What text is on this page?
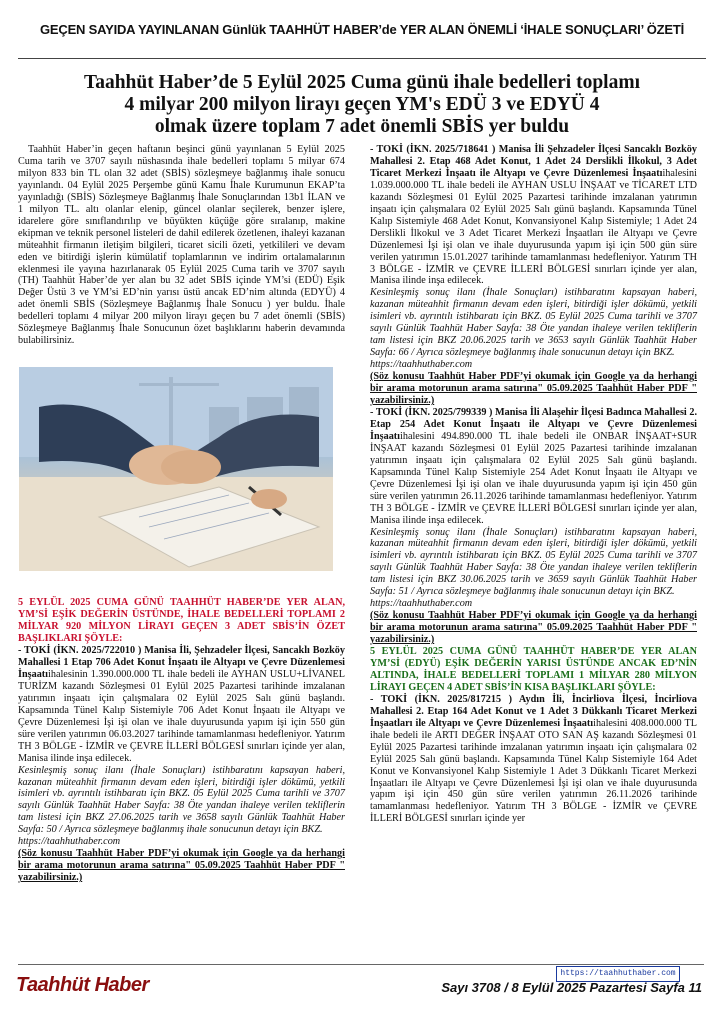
GEÇEN SAYIDA YAYINLANAN Günlük TAAHHÜT HABER’de YER ALAN ÖNEMLİ ‘İHALE SONUÇLARI’ ÖZETİ
Taahhüt Haber’de 5 Eylül 2025 Cuma günü ihale bedelleri toplamı
4 milyar 200 milyon lirayı geçen YM's EDÜ 3 ve EDYÜ 4
olmak üzere toplam 7 adet önemli SBİS yer buldu

Taahhüt Haber’in geçen haftanın beşinci günü yayınlanan 5 Eylül 2025 Cuma tarih ve 3707 sayılı nüshasında ihale bedelleri toplamı 5 milyar 674 milyon 833 bin TL olan 32 adet (SBİS) sözleşmeye bağlanmış ihale sonucu yayınlandı. 04 Eylül 2025 Perşembe günü Kamu İhale Kurumunun EKAP’ta yayınladığı (SBİS) Sözleşmeye Bağlanmış İhale Sonuçlarından 13b1 İLAN ve 1 milyon TL. altı olanlar elenip, güncel olanlar seçilerek, benzer işlere, idarelere göre sınıflandırılıp ve büyükten küçüğe göre sıralanıp, makine ekipman ve teknik personel listeleri de dahil edilerek özetlenen, ihaleyi kazanan müteahhit firmanın iletişim bilgileri, ticaret sicili özeti, yetkilileri ve devam eden ve bitirdiği işlerin kümülatif toplamlarının ve indirim ortalamalarının eklenmesi ile yayına hazırlanarak 05 Eylül 2025 Cuma tarih ve 3707 sayılı (TH) Taahhüt Haber’de yer alan bu 32 adet SBİS içinde YM’si (EDÜ) Eşik Değer Üstü 3 ve YM’si ED’nin yarısı üstü ancak ED’nim altında (EDYÜ) 4 adet önemli SBİS (Sözleşmeye Bağlanmış İhale Sonucu ) yer buldu. İhale bedelleri toplamı 4 milyar 200 milyon lirayı geçen bu 7 adet önemli (SBİS) Sözleşmeye Bağlanmış İhale Sonucunun özet başlıklarını haberin devamında bulabilirsiniz.

5 EYLÜL 2025 CUMA GÜNÜ TAAHHÜT HABER’DE YER ALAN, YM’Sİ EŞİK DEĞERİN ÜSTÜNDE, İHALE BEDELLERİ TOPLAMI 2 MİLYAR 920 MİLYON LİRAYI GEÇEN 3 ADET SBİS’İN ÖZET BAŞLIKLARI ŞÖYLE:

- TOKİ (İKN. 2025/722010 ) Manisa İli, Şehzadeler İlçesi, Sancaklı Bozköy Mahallesi 1 Etap 706 Adet Konut İnşaatı ile Altyapı ve Çevre Düzenlemesi İnşaatıihalesinin 1.390.000.000 TL ihale bedeli ile AYHAN USLU+LİVANEL TURİZM kazandı Sözleşmesi 01 Eylül 2025 Pazartesi tarihinde imzalanan yatırımın inşaatı için çalışmalara 02 Eylül 2025 Salı günü başlandı. Kapsamında Tünel Kalıp Sistemiyle 706 Adet Konut İnşaatı ile Altyapı ve Çevre Düzenlemesi İşi işi olan ve ihale duyurusunda yapım işi için 550 gün süre verilen yatırımın 06.03.2027 tarihinde tamamlanması hedefleniyor. Yatırım TH 3 BÖLGE - İZMİR ve ÇEVRE İLLERİ BÖLGESİ sınırları içinde yer alan, Manisa ilinde inşa edilecek.

Kesinleşmiş sonuç ilanı (İhale Sonuçları) istihbaratını kapsayan haberi, kazanan müteahhit firmanın devam eden işleri, bitirdiği işler dökümü, yetkili isimleri vb. ayrıntılı istihbaratı için BKZ. 05 Eylül 2025 Cuma tarihli ve 3707 sayılı Günlük Taahhüt Haber Sayfa: 38 Öte yandan ihaleye verilen tekliflerin tam listesi için BKZ 27.06.2025 tarih ve 3658 sayılı Günlük Taahhüt Haber Sayfa: 50 / Ayrıca sözleşmeye bağlanmış ihale sonucunun detayı için BKZ.

https://taahhuthaber.com

(Söz konusu Taahhüt Haber PDF’yi okumak için Google ya da herhangi bir arama motorunun arama satırına" 05.09.2025 Taahhüt Haber PDF " yazabilirsiniz.)

- TOKİ (İKN. 2025/718641 ) Manisa İli Şehzadeler İlçesi Sancaklı Bozköy Mahallesi 2. Etap 468 Adet Konut, 1 Adet 24 Derslikli İlkokul, 3 Adet Ticaret Merkezi İnşaatı ile Altyapı ve Çevre Düzenlemesi İnşaatıihalesini 1.039.000.000 TL ihale bedeli ile AYHAN USLU İNŞAAT ve TİCARET LTD kazandı Sözleşmesi 01 Eylül 2025 Pazartesi tarihinde imzalanan yatırımın inşaatı için çalışmalara 02 Eylül 2025 Salı günü başlandı. Kapsamında Tünel Kalıp Sistemiyle 468 Adet Konut, Konvansiyonel Kalıp Sistemiyle; 1 Adet 24 Derslikli İlkokul ve 3 Adet Ticaret Merkezi İnşaatları ile Altyapı ve Çevre Düzenlemesi İşi işi olan ve ihale duyurusunda yapım işi için 500 gün süre verilen yatırımın 15.01.2027 tarihinde tamamlanması hedefleniyor. Yatırım TH 3 BÖLGE - İZMİR ve ÇEVRE İLLERİ BÖLGESİ sınırları içinde yer alan, Manisa ilinde inşa edilecek.

Kesinleşmiş sonuç ilanı (İhale Sonuçları) istihbaratını kapsayan haberi, kazanan müteahhit firmanın devam eden işleri, bitirdiği işler dökümü, yetkili isimleri vb. ayrıntılı istihbaratı için BKZ. 05 Eylül 2025 Cuma tarihli ve 3707 sayılı Günlük Taahhüt Haber Sayfa: 38 Öte yandan ihaleye verilen tekliflerin tam listesi için BKZ 20.06.2025 tarih ve 3653 sayılı Günlük Taahhüt Haber Sayfa: 66 / Ayrıca sözleşmeye bağlanmış ihale sonucunun detayı için BKZ.

https://taahhuthaber.com

(Söz konusu Taahhüt Haber PDF’yi okumak için Google ya da herhangi bir arama motorunun arama satırına" 05.09.2025 Taahhüt Haber PDF " yazabilirsiniz.)

- TOKİ (İKN. 2025/799339 ) Manisa İli Alaşehir İlçesi Badınca Mahallesi 2. Etap 254 Adet Konut İnşaatı ile Altyapı ve Çevre Düzenlemesi İnşaatıihalesini 494.890.000 TL ihale bedeli ile ONBAR İNŞAAT+SUR İNŞAAT kazandı Sözleşmesi 01 Eylül 2025 Pazartesi tarihinde imzalanan yatırımın inşaatı için çalışmalara 02 Eylül 2025 Salı günü başlandı. Kapsamında Tünel Kalıp Sistemiyle 254 Adet Konut İnşaatı ile Altyapı ve Çevre Düzenlemesi İşi işi olan ve ihale duyurusunda yapım işi için 450 gün süre verilen yatırımın 26.11.2026 tarihinde tamamlanması hedefleniyor. Yatırım TH 3 BÖLGE - İZMİR ve ÇEVRE İLLERİ BÖLGESİ sınırları içinde yer alan, Manisa ilinde inşa edilecek.

Kesinleşmiş sonuç ilanı (İhale Sonuçları) istihbaratını kapsayan haberi, kazanan müteahhit firmanın devam eden işleri, bitirdiği işler dökümü, yetkili isimleri vb. ayrıntılı istihbaratı için BKZ. 05 Eylül 2025 Cuma tarihli ve 3707 sayılı Günlük Taahhüt Haber Sayfa: 38 Öte yandan ihaleye verilen tekliflerin tam listesi için BKZ 30.06.2025 tarih ve 3659 sayılı Günlük Taahhüt Haber Sayfa: 51 / Ayrıca sözleşmeye bağlanmış ihale sonucunun detayı için BKZ.

https://taahhuthaber.com

(Söz konusu Taahhüt Haber PDF’yi okumak için Google ya da herhangi bir arama motorunun arama satırına" 05.09.2025 Taahhüt Haber PDF " yazabilirsiniz.)

5 EYLÜL 2025 CUMA GÜNÜ TAAHHÜT HABER’DE YER ALAN YM’Sİ (EDYÜ) EŞİK DEĞERİN YARISI ÜSTÜNDE ANCAK ED’NİN ALTINDA, İHALE BEDELLERİ TOPLAMI 1 MİLYAR 280 MİLYON LİRAYI GEÇEN 4 ADET SBİS’İN KISA BAŞLIKLARI ŞÖYLE:

- TOKİ (İKN. 2025/817215 ) Aydın İli, İncirliova İlçesi, İncirliova Mahallesi 2. Etap 164 Adet Konut ve 1 Adet 3 Dükkanlı Ticaret Merkezi İnşaatları ile Altyapı ve Çevre Düzenlemesi İnşaatıihalesini 408.000.000 TL ihale bedeli ile ARTI DEĞER İNŞAAT OTO SAN AŞ kazandı Sözleşmesi 01 Eylül 2025 Pazartesi tarihinde imzalanan yatırımın inşaatı için çalışmalara 02 Eylül 2025 Salı günü başlandı. Kapsamında Tünel Kalıp Sistemiyle 164 Adet Konut ve Konvansiyonel Kalıp Sistemiyle 1 Adet 3 Dükkanlı Ticaret Merkezi İnşaatları ile Altyapı ve Çevre Düzenlemesi İşi işi olan ve ihale duyurusunda yapım işi için 450 gün süre verilen yatırımın 26.11.2026 tarihinde tamamlanması hedefleniyor. Yatırım TH 3 BÖLGE - İZMİR ve ÇEVRE İLLERİ BÖLGESİ sınırları içinde yer

https://taahhuthaber.com
Taahhüt Haber	Sayı 3708 / 8 Eylül 2025 Pazartesi Sayfa 11
